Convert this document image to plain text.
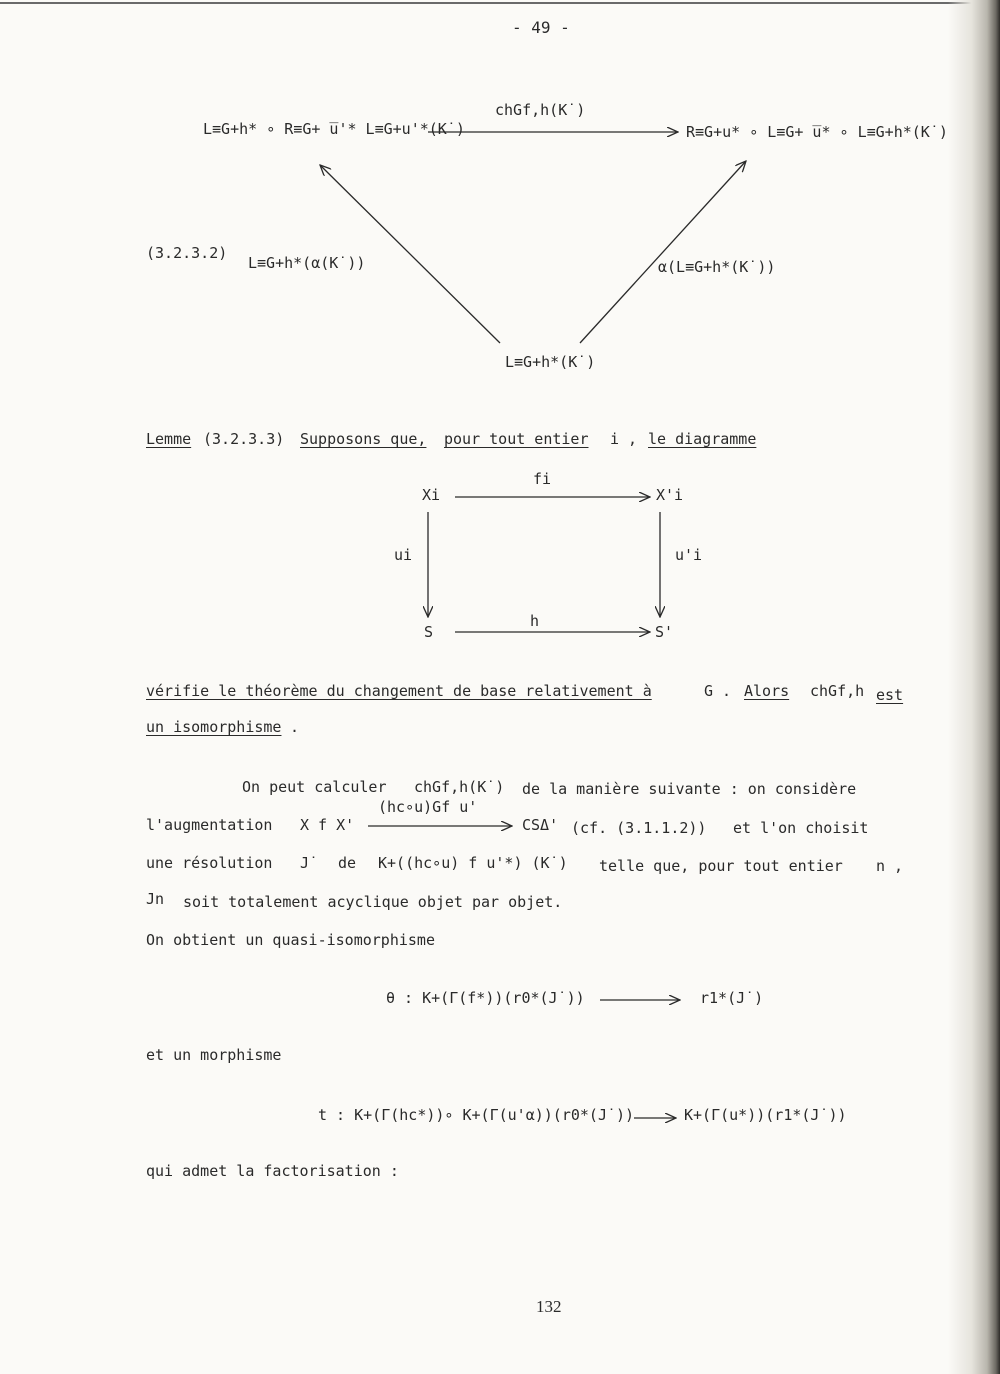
- 49 -
L≡G+h* ∘ R≡G+ u̅'* L≡G+u'*(K˙)
chGf,h(K˙)
R≡G+u* ∘ L≡G+ u̅* ∘ L≡G+h*(K˙)
(3.2.3.2)
L≡G+h*(α(K˙))	α(L≡G+h*(K˙))
L≡G+h*(K˙)
Lemme (3.2.3.3) Supposons que, pour tout entier i , le diagramme
Xi
fi
X'i
ui	u'i
S
h
S'
vérifie le théorème du changement de base relativement à	G . Alors chGf,h est
un isomorphisme .
On peut calculer chGf,h(K˙) de la manière suivante : on considère
l'augmentation X f X'
(hc∘u)Gf u'
CSΔ' (cf. (3.1.1.2)) et l'on choisit
une résolution J˙ de K+((hc∘u) f u'*) (K˙) telle que, pour tout entier n ,
Jn soit totalement acyclique objet par objet.
On obtient un quasi-isomorphisme
θ : K+(Γ(f*))(r0*(J˙))	r1*(J˙)
et un morphisme
t : K+(Γ(hc*))∘ K+(Γ(u'α))(r0*(J˙))	K+(Γ(u*))(r1*(J˙))
qui admet la factorisation :
132
